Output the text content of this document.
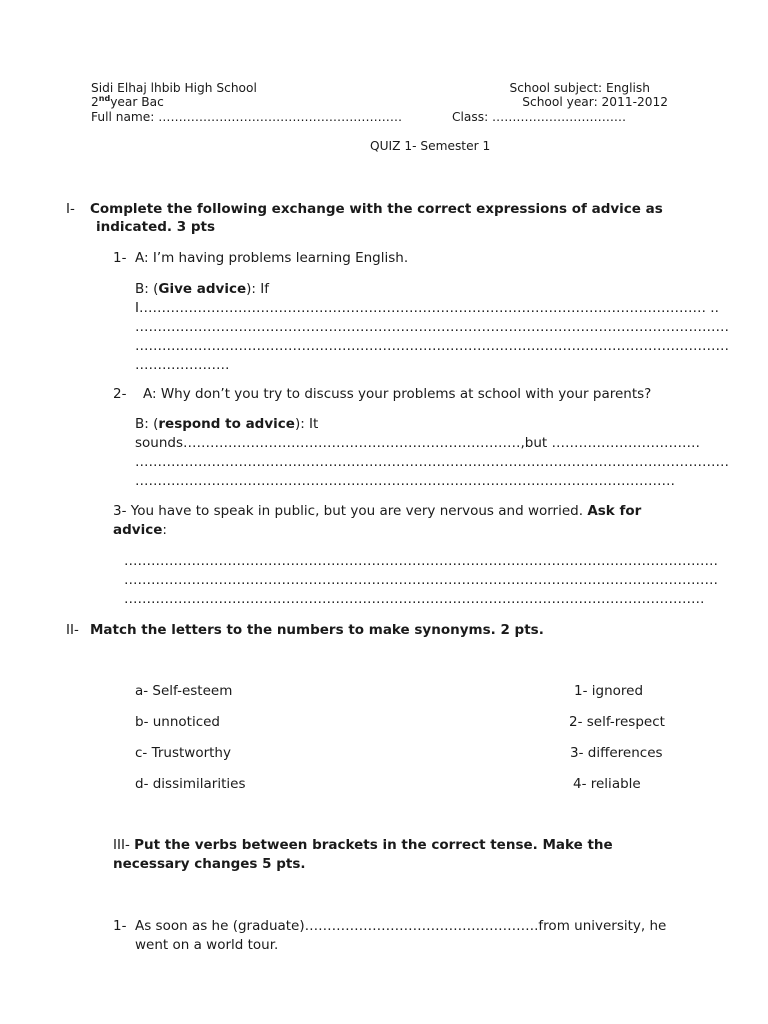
Sidi Elhaj lhbib High School
2ndyear Bac
Full name: ……………………………………………………
School subject: English
School year: 2011-2012
Class: ……………………………
QUIZ 1- Semester 1
I- Complete the following exchange with the correct expressions of advice as
indicated. 3 pts
1- A: I’m having problems learning English.
B: (Give advice): If
I……………………………………………………………………………………………………………… ..
……………………………………………………………………………………………………………………
……………………………………………………………………………………………………………………
…………………
2- A: Why don’t you try to discuss your problems at school with your parents?
B: (respond to advice): It
sounds…………………………………………………………………,but ……………………………
……………………………………………………………………………………………………………………
…………………………………………………………………………………………………………
3- You have to speak in public, but you are very nervous and worried. Ask for
advice:
……………………………………………………………………………………………………………………
……………………………………………………………………………………………………………………
…………………………………………………………………………………………………………………
II- Match the letters to the numbers to make synonyms. 2 pts.
a- Self-esteem
b- unnoticed
c- Trustworthy
d- dissimilarities
1- ignored
2- self-respect
3- differences
4- reliable
III- Put the verbs between brackets in the correct tense. Make the
necessary changes 5 pts.
1- As soon as he (graduate)…………………………………………….from university, he
went on a world tour.
